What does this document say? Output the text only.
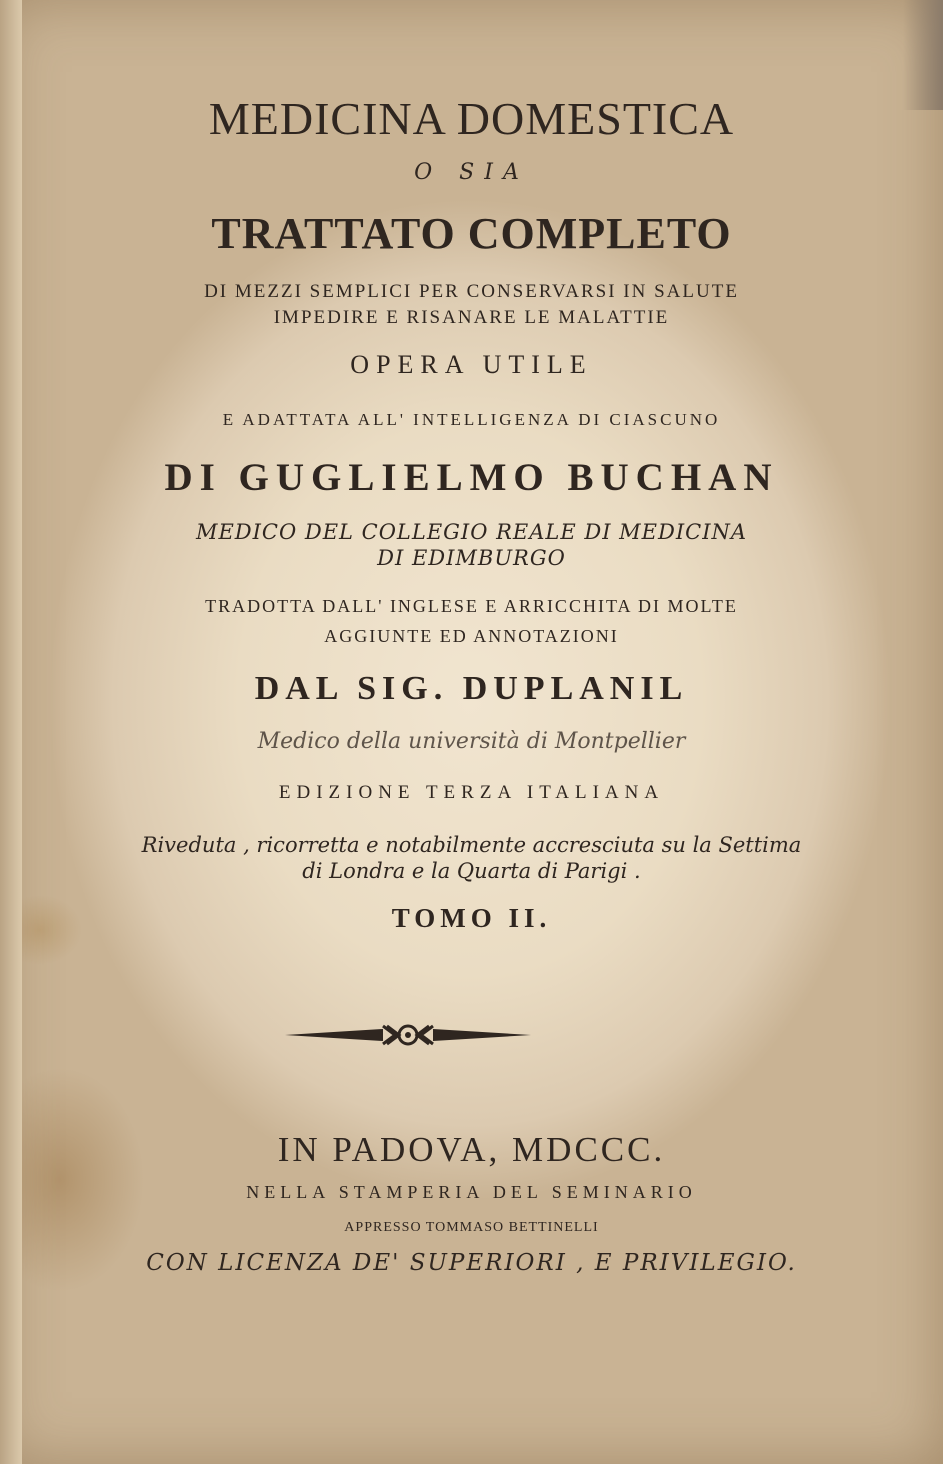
MEDICINA DOMESTICA
O SIA
TRATTATO COMPLETO
DI MEZZI SEMPLICI PER CONSERVARSI IN SALUTE
IMPEDIRE E RISANARE LE MALATTIE
OPERA UTILE
E ADATTATA ALL' INTELLIGENZA DI CIASCUNO
DI GUGLIELMO BUCHAN
MEDICO DEL COLLEGIO REALE DI MEDICINA
DI EDIMBURGO
TRADOTTA DALL' INGLESE E ARRICCHITA DI MOLTE
AGGIUNTE ED ANNOTAZIONI
DAL SIG. DUPLANIL
Medico della università di Montpellier
EDIZIONE TERZA ITALIANA
Riveduta , ricorretta e notabilmente accresciuta su la Settima
di Londra e la Quarta di Parigi .
TOMO II.
IN PADOVA, MDCCC.
NELLA STAMPERIA DEL SEMINARIO
APPRESSO TOMMASO BETTINELLI
CON LICENZA DE' SUPERIORI , E PRIVILEGIO.
